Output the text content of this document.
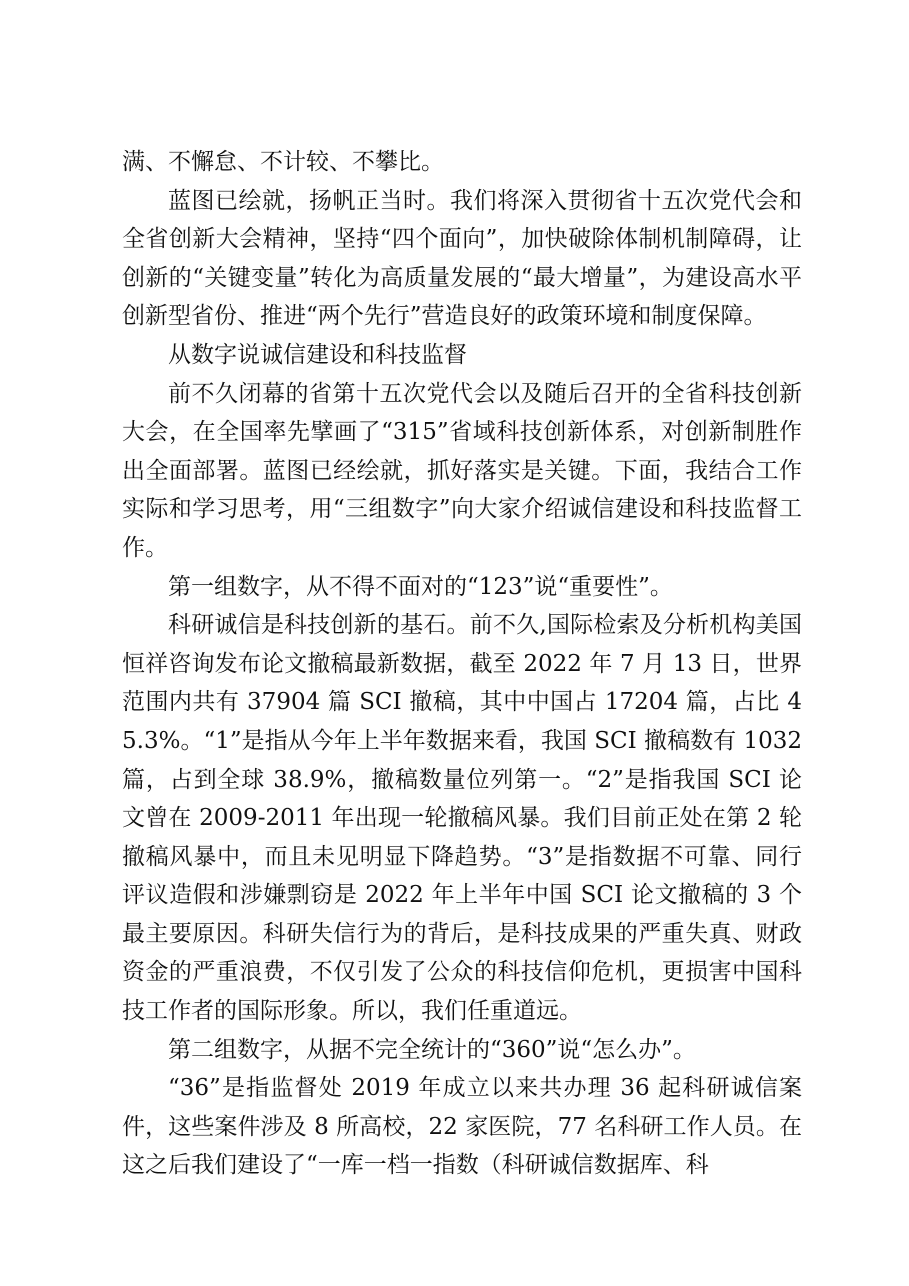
满、不懈怠、不计较、不攀比。

蓝图已绘就，扬帆正当时。我们将深入贯彻省十五次党代会和全省创新大会精神，坚持“四个面向”，加快破除体制机制障碍，让创新的“关键变量”转化为高质量发展的“最大增量”，为建设高水平创新型省份、推进“两个先行”营造良好的政策环境和制度保障。

从数字说诚信建设和科技监督

前不久闭幕的省第十五次党代会以及随后召开的全省科技创新大会，在全国率先擘画了“315”省域科技创新体系，对创新制胜作出全面部署。蓝图已经绘就，抓好落实是关键。下面，我结合工作实际和学习思考，用“三组数字”向大家介绍诚信建设和科技监督工作。

第一组数字，从不得不面对的“123”说“重要性”。

科研诚信是科技创新的基石。前不久,国际检索及分析机构美国恒祥咨询发布论文撤稿最新数据，截至 2022 年 7 月 13 日，世界范围内共有 37904 篇 SCI 撤稿，其中中国占 17204 篇，占比 45.3%。“1”是指从今年上半年数据来看，我国 SCI 撤稿数有 1032 篇，占到全球 38.9%，撤稿数量位列第一。“2”是指我国 SCI 论文曾在 2009-2011 年出现一轮撤稿风暴。我们目前正处在第 2 轮撤稿风暴中，而且未见明显下降趋势。“3”是指数据不可靠、同行评议造假和涉嫌剽窃是 2022 年上半年中国 SCI 论文撤稿的 3 个最主要原因。科研失信行为的背后，是科技成果的严重失真、财政资金的严重浪费，不仅引发了公众的科技信仰危机，更损害中国科技工作者的国际形象。所以，我们任重道远。

第二组数字，从据不完全统计的“360”说“怎么办”。

“36”是指监督处 2019 年成立以来共办理 36 起科研诚信案件，这些案件涉及 8 所高校，22 家医院，77 名科研工作人员。在这之后我们建设了“一库一档一指数（科研诚信数据库、科
